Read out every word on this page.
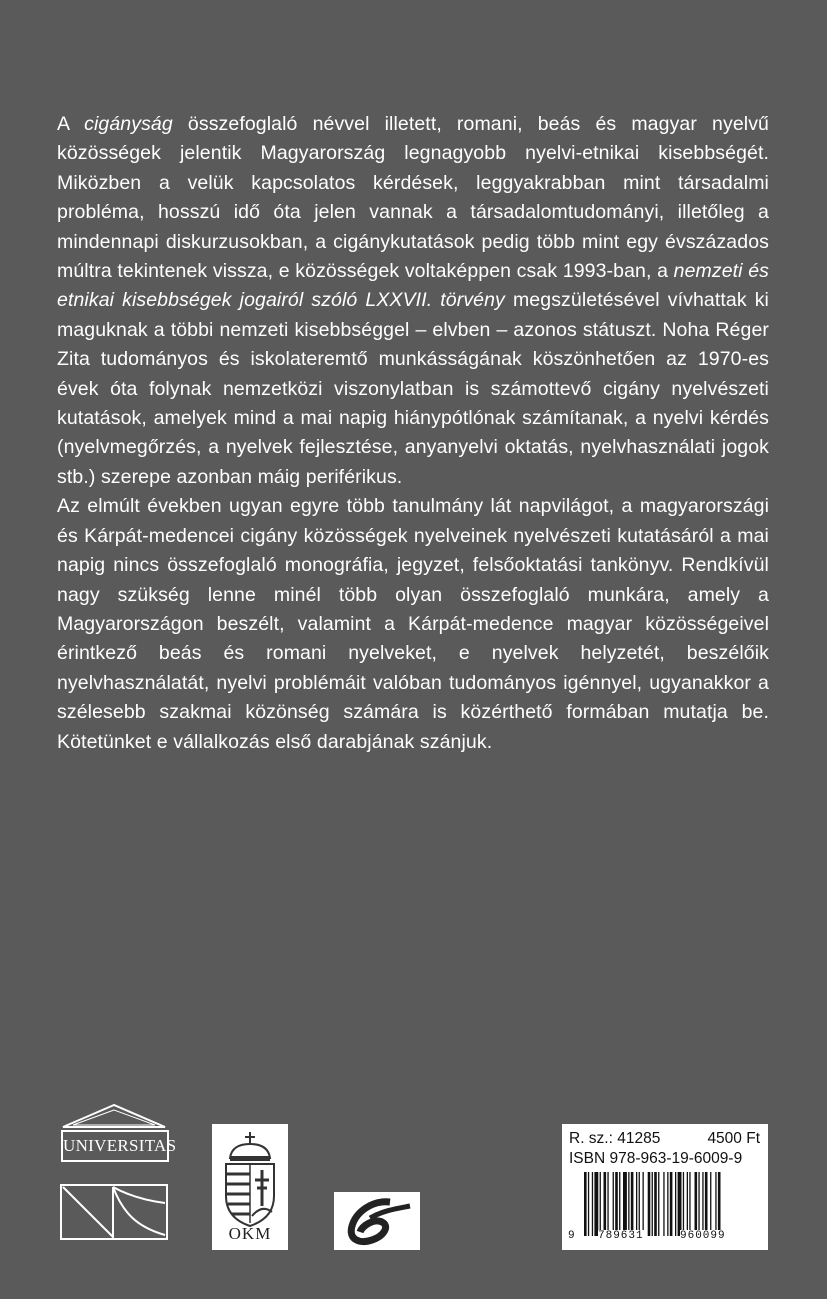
A cigányság összefoglaló névvel illetett, romani, beás és magyar nyelvű közösségek jelentik Magyarország legnagyobb nyelvi-etnikai kisebbségét. Miközben a velük kapcsolatos kérdések, leggyakrabban mint társadalmi probléma, hosszú idő óta jelen vannak a társadalomtudományi, illetőleg a mindennapi diskurzusokban, a cigánykutatások pedig több mint egy évszázados múltra tekintenek vissza, e közösségek voltaképpen csak 1993-ban, a nemzeti és etnikai kisebbségek jogairól szóló LXXVII. törvény megszületésével vívhattak ki maguknak a többi nemzeti kisebbséggel – elvben – azonos státuszt. Noha Réger Zita tudományos és iskolateremtő munkásságának köszönhetően az 1970-es évek óta folynak nemzetközi viszonylatban is számottevő cigány nyelvészeti kutatások, amelyek mind a mai napig hiánypótlónak számítanak, a nyelvi kérdés (nyelvmegőrzés, a nyelvek fejlesztése, anyanyelvi oktatás, nyelvhasználati jogok stb.) szerepe azonban máig periférikus.

Az elmúlt években ugyan egyre több tanulmány lát napvilágot, a magyarországi és Kárpát-medencei cigány közösségek nyelveinek nyelvészeti kutatásáról a mai napig nincs összefoglaló monográfia, jegyzet, felsőoktatási tankönyv. Rendkívül nagy szükség lenne minél több olyan összefoglaló munkára, amely a Magyarországon beszélt, valamint a Kárpát-medence magyar közösségeivel érintkező beás és romani nyelveket, e nyelvek helyzetét, beszélőik nyelvhasználatát, nyelvi problémáit valóban tudományos igénnyel, ugyanakkor a szélesebb szakmai közönség számára is közérthető formában mutatja be. Kötetünket e vállalkozás első darabjának szánjuk.

UNIVERSITAS
OKM
R. sz.: 41285	4500 Ft
ISBN 978-963-19-6009-9
9 789631	960099
